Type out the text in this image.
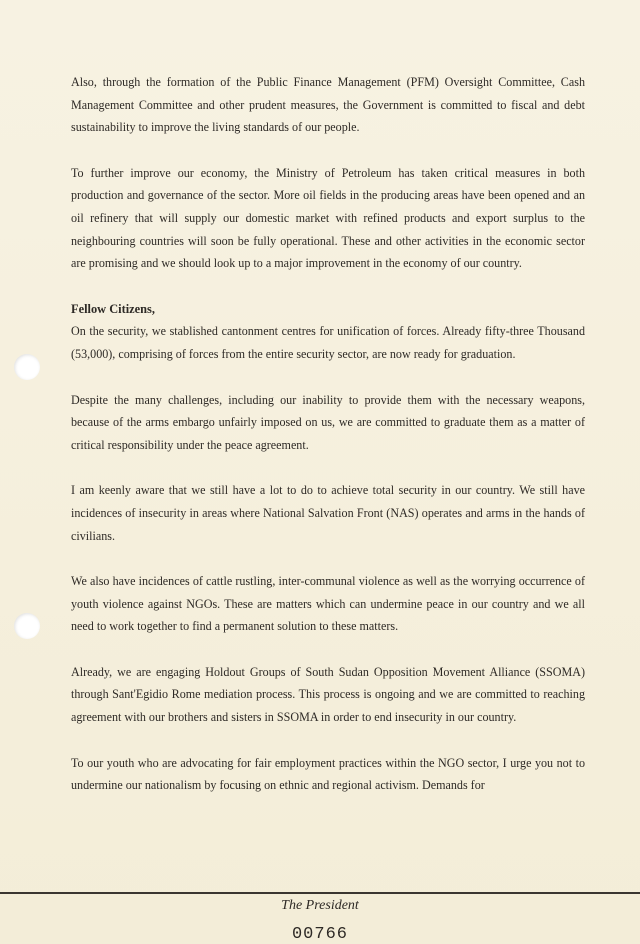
Also, through the formation of the Public Finance Management (PFM) Oversight Committee, Cash Management Committee and other prudent measures, the Government is committed to fiscal and debt sustainability to improve the living standards of our people.

To further improve our economy, the Ministry of Petroleum has taken critical measures in both production and governance of the sector. More oil fields in the producing areas have been opened and an oil refinery that will supply our domestic market with refined products and export surplus to the neighbouring countries will soon be fully operational. These and other activities in the economic sector are promising and we should look up to a major improvement in the economy of our country.

Fellow Citizens,

On the security, we stablished cantonment centres for unification of forces. Already fifty-three Thousand (53,000), comprising of forces from the entire security sector, are now ready for graduation.

Despite the many challenges, including our inability to provide them with the necessary weapons, because of the arms embargo unfairly imposed on us, we are committed to graduate them as a matter of critical responsibility under the peace agreement.

I am keenly aware that we still have a lot to do to achieve total security in our country. We still have incidences of insecurity in areas where National Salvation Front (NAS) operates and arms in the hands of civilians.

We also have incidences of cattle rustling, inter-communal violence as well as the worrying occurrence of youth violence against NGOs. These are matters which can undermine peace in our country and we all need to work together to find a permanent solution to these matters.

Already, we are engaging Holdout Groups of South Sudan Opposition Movement Alliance (SSOMA) through Sant'Egidio Rome mediation process. This process is ongoing and we are committed to reaching agreement with our brothers and sisters in SSOMA in order to end insecurity in our country.

To our youth who are advocating for fair employment practices within the NGO sector, I urge you not to undermine our nationalism by focusing on ethnic and regional activism. Demands for

The President
00766
